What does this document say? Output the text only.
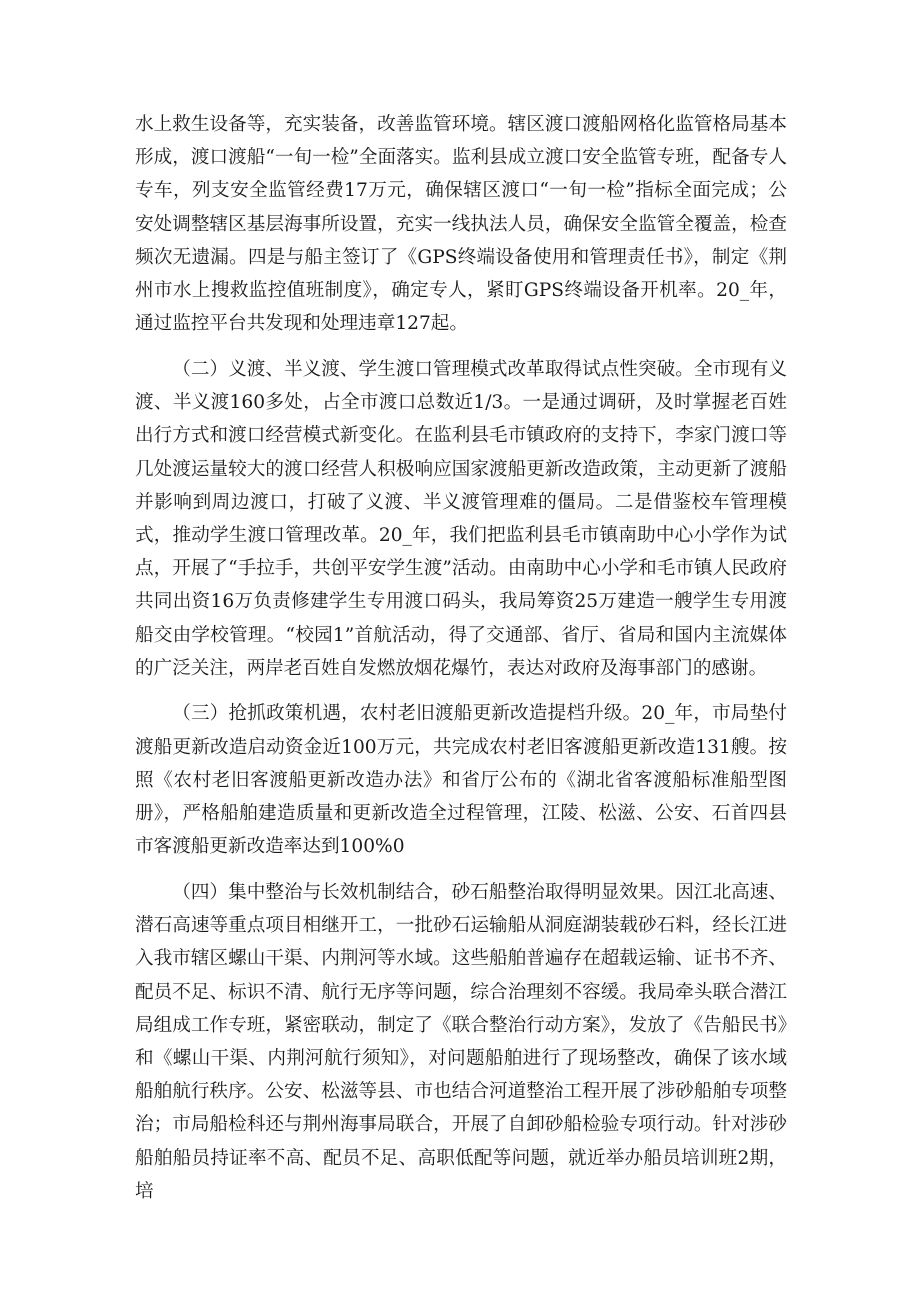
水上救生设备等，充实装备，改善监管环境。辖区渡口渡船网格化监管格局基本形成，渡口渡船“一旬一检”全面落实。监利县成立渡口安全监管专班，配备专人专车，列支安全监管经费17万元，确保辖区渡口“一旬一检”指标全面完成；公安处调整辖区基层海事所设置，充实一线执法人员，确保安全监管全覆盖，检查频次无遗漏。四是与船主签订了《GPS终端设备使用和管理责任书》，制定《荆州市水上搜救监控值班制度》，确定专人，紧盯GPS终端设备开机率。20_年，通过监控平台共发现和处理违章127起。

（二）义渡、半义渡、学生渡口管理模式改革取得试点性突破。全市现有义渡、半义渡160多处，占全市渡口总数近1/3。一是通过调研，及时掌握老百姓出行方式和渡口经营模式新变化。在监利县毛市镇政府的支持下，李家门渡口等几处渡运量较大的渡口经营人积极响应国家渡船更新改造政策，主动更新了渡船并影响到周边渡口，打破了义渡、半义渡管理难的僵局。二是借鉴校车管理模式，推动学生渡口管理改革。20_年，我们把监利县毛市镇南助中心小学作为试点，开展了“手拉手，共创平安学生渡”活动。由南助中心小学和毛市镇人民政府共同出资16万负责修建学生专用渡口码头，我局筹资25万建造一艘学生专用渡船交由学校管理。“校园1”首航活动，得了交通部、省厅、省局和国内主流媒体的广泛关注，两岸老百姓自发燃放烟花爆竹，表达对政府及海事部门的感谢。

（三）抢抓政策机遇，农村老旧渡船更新改造提档升级。20_年，市局垫付渡船更新改造启动资金近100万元，共完成农村老旧客渡船更新改造131艘。按照《农村老旧客渡船更新改造办法》和省厅公布的《湖北省客渡船标准船型图册》，严格船舶建造质量和更新改造全过程管理，江陵、松滋、公安、石首四县市客渡船更新改造率达到100%0

（四）集中整治与长效机制结合，砂石船整治取得明显效果。因江北高速、潜石高速等重点项目相继开工，一批砂石运输船从洞庭湖装载砂石料，经长江进入我市辖区螺山干渠、内荆河等水域。这些船舶普遍存在超载运输、证书不齐、配员不足、标识不清、航行无序等问题，综合治理刻不容缓。我局牵头联合潜江局组成工作专班，紧密联动，制定了《联合整治行动方案》，发放了《告船民书》和《螺山干渠、内荆河航行须知》，对问题船舶进行了现场整改，确保了该水域船舶航行秩序。公安、松滋等县、市也结合河道整治工程开展了涉砂船舶专项整治；市局船检科还与荆州海事局联合，开展了自卸砂船检验专项行动。针对涉砂船舶船员持证率不高、配员不足、高职低配等问题，就近举办船员培训班2期，培
